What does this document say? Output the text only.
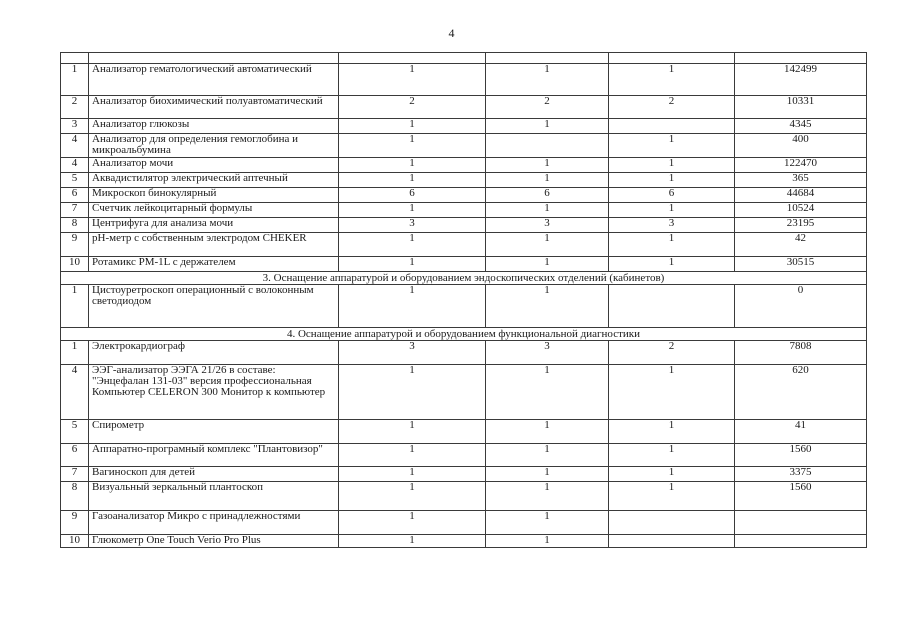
4

1	Анализатор гематологический автоматический	1	1	1	142499
2	Анализатор биохимический полуавтоматический	2	2	2	10331
3	Анализатор глюкозы	1	1		4345
4	Анализатор для определения гемоглобина и микроальбумина	1		1	400
4	Анализатор мочи	1	1	1	122470
5	Аквадистилятор электрический аптечный	1	1	1	365
6	Микроскоп бинокулярный	6	6	6	44684
7	Счетчик лейкоцитарный формулы	1	1	1	10524
8	Центрифуга для анализа мочи	3	3	3	23195
9	pH-метр с собственным электродом CHEKER	1	1	1	42
10	Ротамикс РМ-1L с держателем	1	1	1	30515
3. Оснащение аппаратурой и оборудованием эндоскопических отделений (кабинетов)					
1	Цистоуретроскоп операционный с волоконным светодиодом	1	1		0
4. Оснащение аппаратурой и оборудованием функциональной диагностики					
1	Электрокардиограф	3	3	2	7808
4	ЭЭГ-анализатор ЭЭГА 21/26 в составе: "Энцефалан 131-03" версия профессиональная Компьютер CELERON 300 Монитор к компьютер	1	1	1	620
5	Спирометр	1	1	1	41
6	Аппаратно-програмный комплекс "Плантовизор"	1	1	1	1560
7	Вагиноскоп для детей	1	1	1	3375
8	Визуальный зеркальный плантоскоп	1	1	1	1560
9	Газоанализатор Микро с принадлежностями	1	1		
10	Глюкометр One Touch Verio Pro Plus	1	1		
